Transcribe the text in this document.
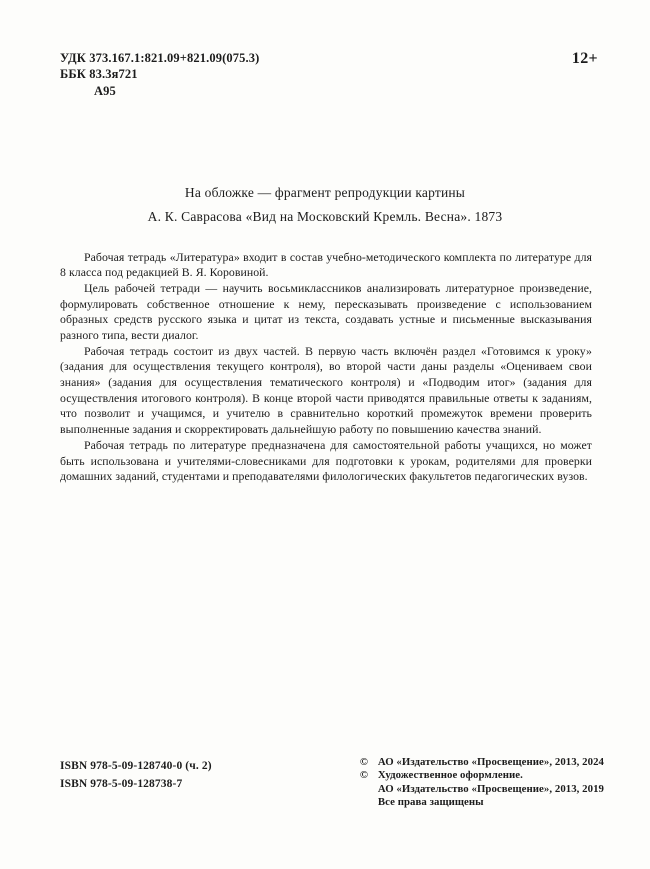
УДК 373.167.1:821.09+821.09(075.3)
ББК 83.3я721
А95
12+
На обложке — фрагмент репродукции картины
А. К. Саврасова «Вид на Московский Кремль. Весна». 1873

Рабочая тетрадь «Литература» входит в состав учебно-методического комплекта по литературе для 8 класса под редакцией В. Я. Коровиной.

Цель рабочей тетради — научить восьмиклассников анализировать литературное произведение, формулировать собственное отношение к нему, пересказывать произведение с использованием образных средств русского языка и цитат из текста, создавать устные и письменные высказывания разного типа, вести диалог.

Рабочая тетрадь состоит из двух частей. В первую часть включён раздел «Готовимся к уроку» (задания для осуществления текущего контроля), во второй части даны разделы «Оцениваем свои знания» (задания для осуществления тематического контроля) и «Подводим итог» (задания для осуществления итогового контроля). В конце второй части приводятся правильные ответы к заданиям, что позволит и учащимся, и учителю в сравнительно короткий промежуток времени проверить выполненные задания и скорректировать дальнейшую работу по повышению качества знаний.

Рабочая тетрадь по литературе предназначена для самостоятельной работы учащихся, но может быть использована и учителями-словесниками для подготовки к урокам, родителями для проверки домашних заданий, студентами и преподавателями филологических факультетов педагогических вузов.

ISBN 978-5-09-128740-0 (ч. 2)
ISBN 978-5-09-128738-7
© АО «Издательство «Просвещение», 2013, 2024
© Художественное оформление.
АО «Издательство «Просвещение», 2013, 2019
Все права защищены
